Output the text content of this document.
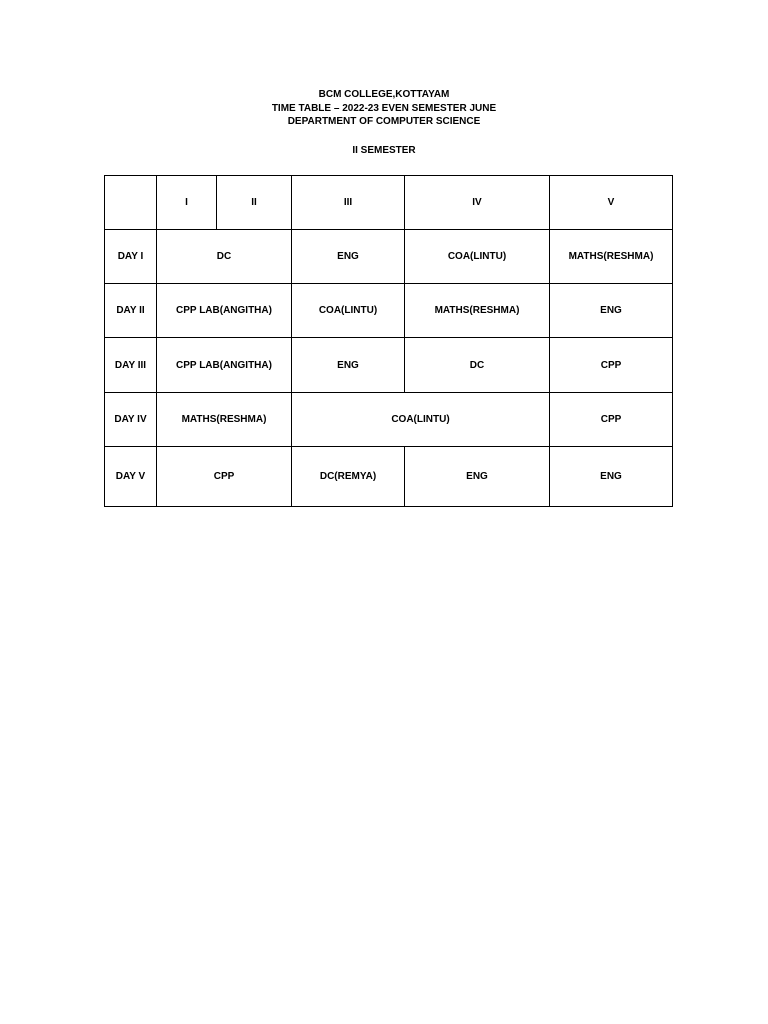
BCM COLLEGE,KOTTAYAM
TIME TABLE – 2022-23 EVEN SEMESTER JUNE
DEPARTMENT OF COMPUTER SCIENCE
II SEMESTER
	I	II	III	IV	V
DAY I	DC		ENG	COA(LINTU)	MATHS(RESHMA)
DAY II	CPP LAB(ANGITHA)		COA(LINTU)	MATHS(RESHMA)	ENG
DAY III	CPP LAB(ANGITHA)		ENG	DC	CPP
DAY IV	MATHS(RESHMA)		COA(LINTU)		CPP
DAY V	CPP		DC(REMYA)	ENG	ENG
